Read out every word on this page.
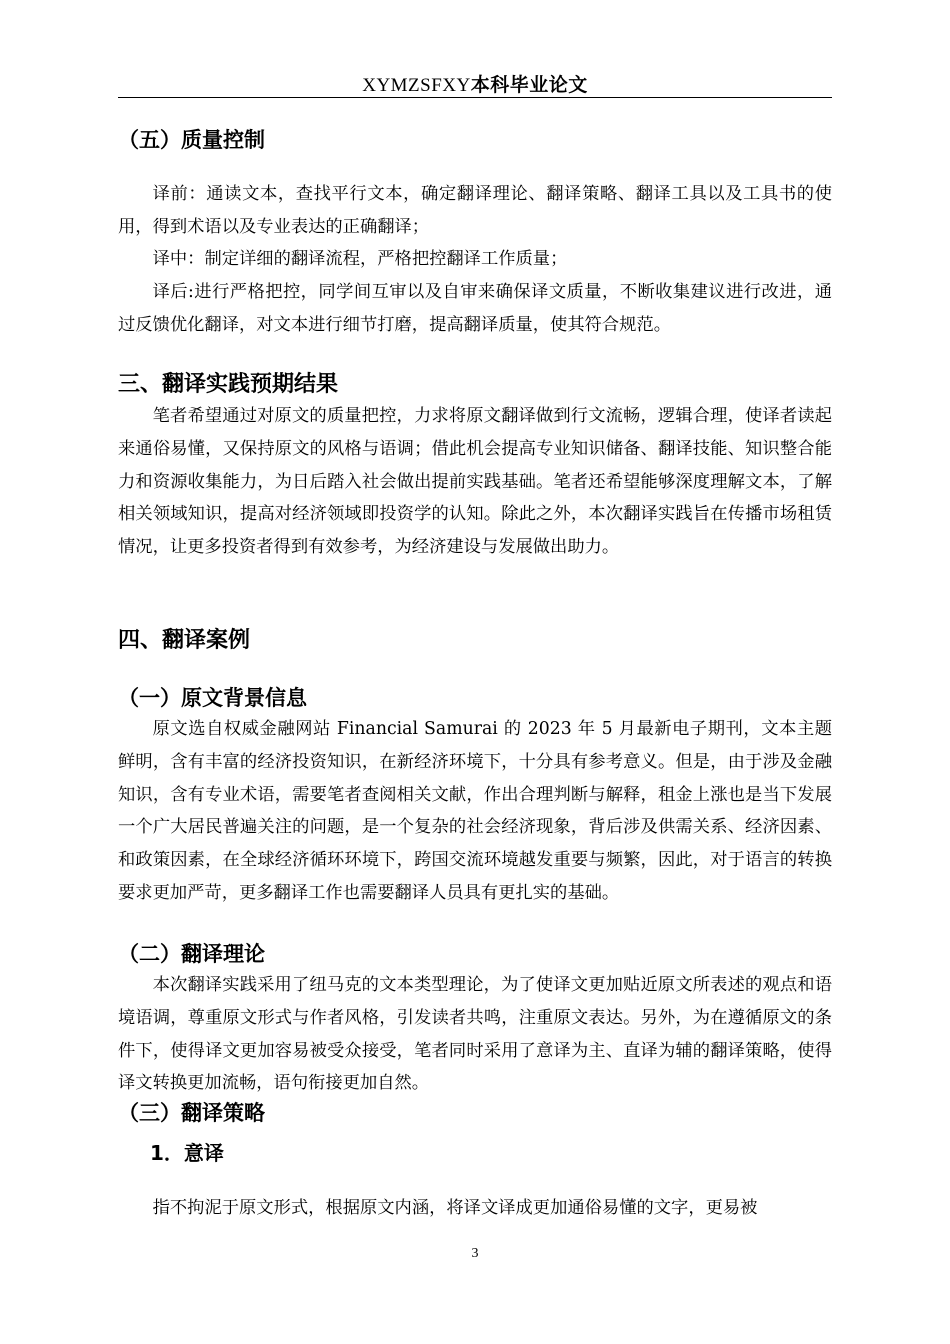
XYMZSFXY本科毕业论文
（五）质量控制
译前：通读文本，查找平行文本，确定翻译理论、翻译策略、翻译工具以及工具书的使用，得到术语以及专业表达的正确翻译；
译中：制定详细的翻译流程，严格把控翻译工作质量；
译后:进行严格把控，同学间互审以及自审来确保译文质量，不断收集建议进行改进，通过反馈优化翻译，对文本进行细节打磨，提高翻译质量，使其符合规范。
三、翻译实践预期结果
笔者希望通过对原文的质量把控，力求将原文翻译做到行文流畅，逻辑合理，使译者读起来通俗易懂，又保持原文的风格与语调；借此机会提高专业知识储备、翻译技能、知识整合能力和资源收集能力，为日后踏入社会做出提前实践基础。笔者还希望能够深度理解文本，了解相关领域知识，提高对经济领域即投资学的认知。除此之外，本次翻译实践旨在传播市场租赁情况，让更多投资者得到有效参考，为经济建设与发展做出助力。
四、翻译案例
（一）原文背景信息
原文选自权威金融网站 Financial Samurai 的 2023 年 5 月最新电子期刊，文本主题鲜明，含有丰富的经济投资知识，在新经济环境下，十分具有参考意义。但是，由于涉及金融知识，含有专业术语，需要笔者查阅相关文献，作出合理判断与解释，租金上涨也是当下发展一个广大居民普遍关注的问题，是一个复杂的社会经济现象，背后涉及供需关系、经济因素、和政策因素，在全球经济循环环境下，跨国交流环境越发重要与频繁，因此，对于语言的转换要求更加严苛，更多翻译工作也需要翻译人员具有更扎实的基础。
（二）翻译理论
本次翻译实践采用了纽马克的文本类型理论，为了使译文更加贴近原文所表述的观点和语境语调，尊重原文形式与作者风格，引发读者共鸣，注重原文表达。另外，为在遵循原文的条件下，使得译文更加容易被受众接受，笔者同时采用了意译为主、直译为辅的翻译策略，使得译文转换更加流畅，语句衔接更加自然。
（三）翻译策略
1．意译
指不拘泥于原文形式，根据原文内涵，将译文译成更加通俗易懂的文字，更易被
3
